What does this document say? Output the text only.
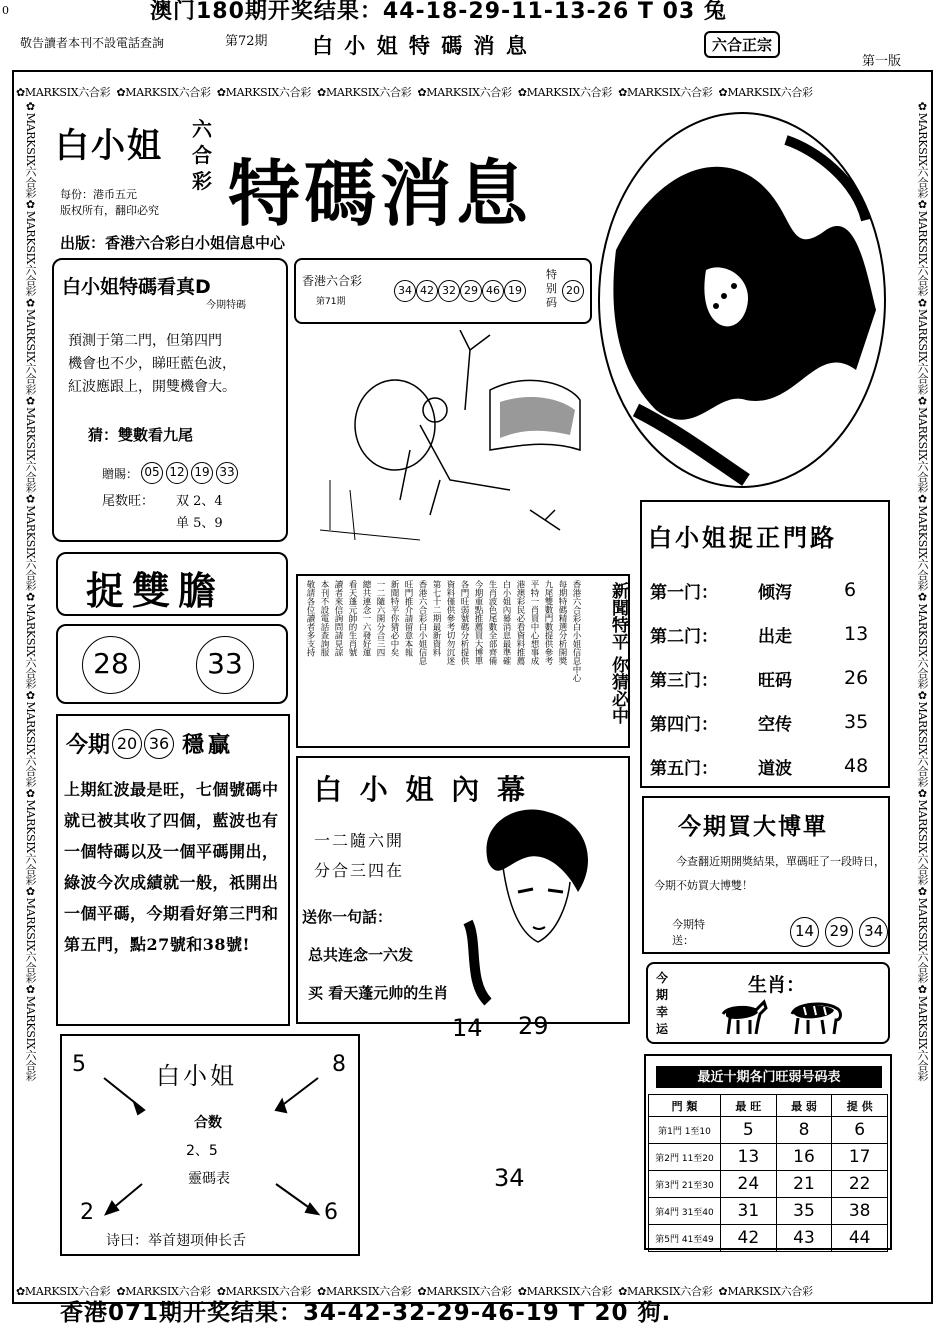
澳门180期开奖结果：44-18-29-11-13-26 T 03 兔
0
敬告讀者本刊不設電話查詢	第72期 白 小 姐 特 碼 消 息	六合正宗
第一版
✿MARKSIX六合彩 ✿MARKSIX六合彩 ✿MARKSIX六合彩 ✿MARKSIX六合彩 ✿MARKSIX六合彩 ✿MARKSIX六合彩 ✿MARKSIX六合彩 ✿MARKSIX六合彩
✿MARKSIX六合彩 ✿MARKSIX六合彩 ✿MARKSIX六合彩 ✿MARKSIX六合彩 ✿MARKSIX六合彩 ✿MARKSIX六合彩 ✿MARKSIX六合彩 ✿MARKSIX六合彩
✿MARKSIX六合彩✿MARKSIX六合彩✿MARKSIX六合彩✿MARKSIX六合彩✿MARKSIX六合彩✿MARKSIX六合彩✿MARKSIX六合彩✿MARKSIX六合彩✿MARKSIX六合彩✿MARKSIX六合彩
✿MARKSIX六合彩✿MARKSIX六合彩✿MARKSIX六合彩✿MARKSIX六合彩✿MARKSIX六合彩✿MARKSIX六合彩✿MARKSIX六合彩✿MARKSIX六合彩✿MARKSIX六合彩✿MARKSIX六合彩
白小姐 六
合
彩
每份：港币五元
版权所有，翻印必究 特碼消息
出版：香港六合彩白小姐信息中心
白小姐特碼看真D
今期特碼
預測于第二門，但第四門
機會也不少，睇旺藍色波，
紅波應跟上，開雙機會大。
猜：雙數看九尾
贈賜： 05 12 19 33
尾数旺： 双 2、4
单 5、9
香港六合彩
第71期
34 42 32 29 46 19
特别码
20
捉雙膽
28	33
今期 20 36 穩贏
上期紅波最是旺，七個號碼中就已被其收了四個，藍波也有一個特碼以及一個平碼開出，綠波今次成績就一般，祇開出一個平碼，今期看好第三門和第五門，點27號和38號!
香港六合彩白小姐信息中心
每期特碼精選分析開獎
九尾雙數門數提供參考
平特一肖買中心想事成
港澳彩民必看資料推薦
白小姐內幕消息最準確
生肖波色尾數全部齊備
今期重點推薦買大博單
各門旺弱號碼分析提供
資料僅供參考切勿沉迷
第七十二期最新資料
香港六合彩白小姐信息
旺門推介請留意本報
新聞特平你猜必中矣
一二隨六開分合三四
總共連念一六發好運
看天蓬元帥的生肖號
讀者來信詢問請見諒
本刊不設電話查詢服
敬請各位讀者多支持	新聞特平 你猜必中
白 小 姐 內 幕
一二隨六開
分合三四在
送你一句話：
总共连念一六发
买 看天蓬元帅的生肖
14 29
34
白小姐捉正門路
第一门：	倾泻	6
第二门：	出走	13
第三门：	旺码	26
第四门：	空传	35
第五门：	道波	48
今期買大博單
今查翻近期開獎結果，單碼旺了一段時日，今期不妨買大博雙！
今期特送：
14	29	34
今期幸运
生肖：
最近十期各门旺弱号码表
門 類	最 旺	最 弱	提 供
第1門 1至10	5	8	6
第2門 11至20	13	16	17
第3門 21至30	24	21	22
第4門 31至40	31	35	38
第5門 41至49	42	43	44
5	8
2	6
白小姐
合数
2、5
靈碼表
诗曰：举首翅项伸长舌
香港071期开奖结果：34-42-32-29-46-19 T 20 狗.
